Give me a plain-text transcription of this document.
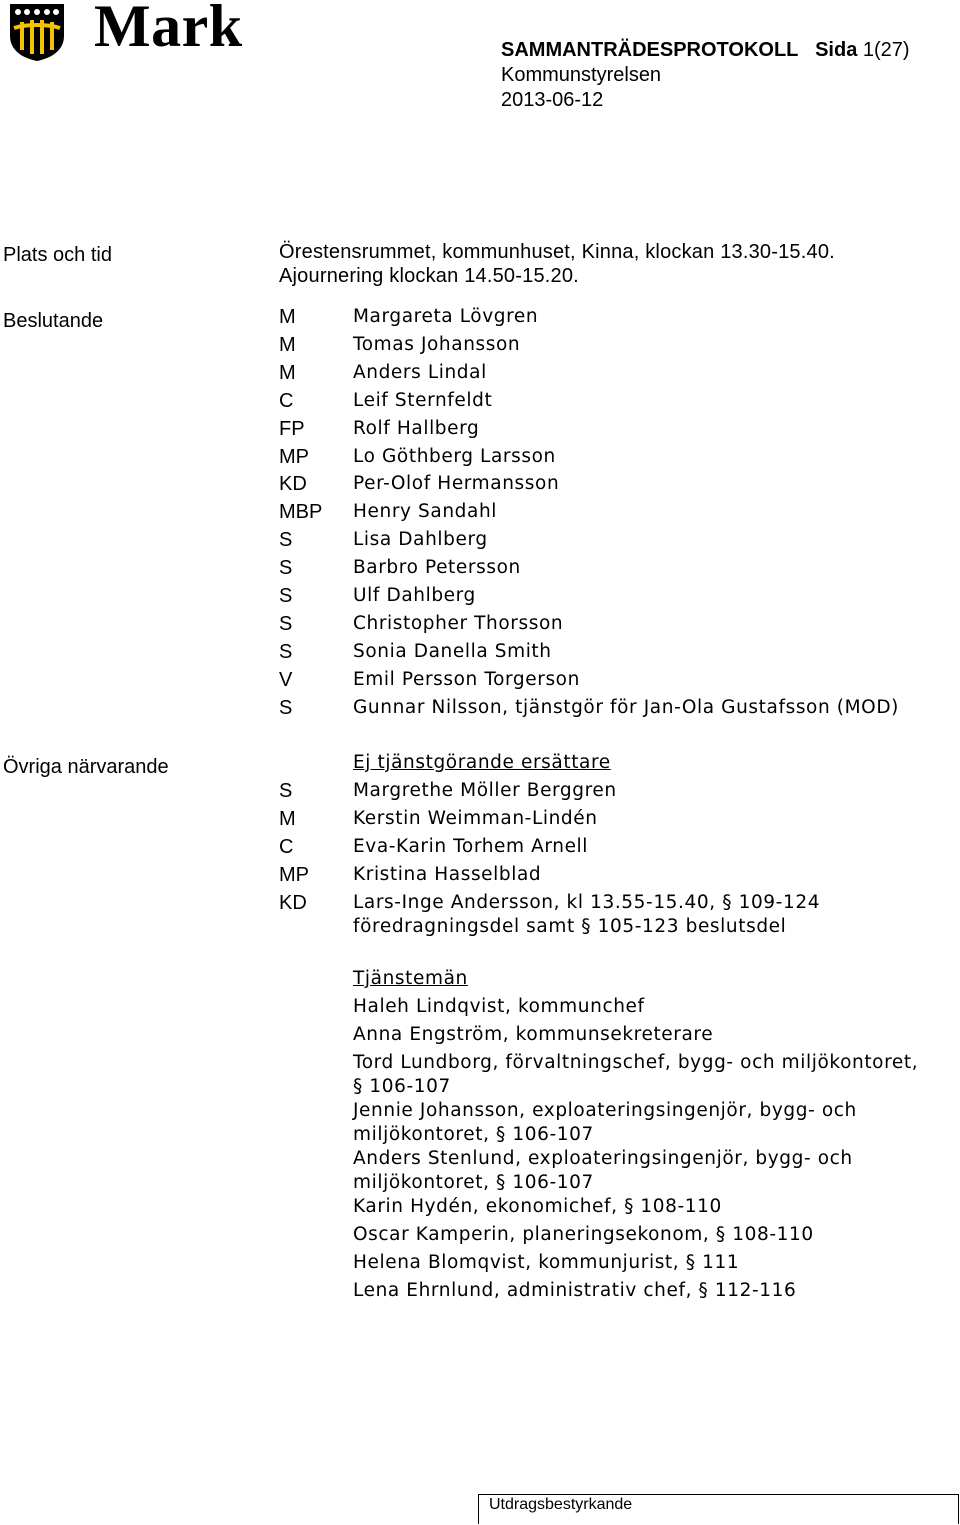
Mark	SAMMANTRÄDESPROTOKOLL Sida 1(27)
Kommunstyrelsen
2013-06-12
Plats och tid	Örestensrummet, kommunhuset, Kinna, klockan 13.30-15.40.
Ajournering klockan 14.50-15.20.
Beslutande	M	Margareta Lövgren
M	Tomas Johansson
M	Anders Lindal
C	Leif Sternfeldt
FP	Rolf Hallberg
MP Lo Göthberg Larsson
KD Per-Olof Hermansson
MBP Henry Sandahl
S	Lisa Dahlberg
S	Barbro Petersson
S	Ulf Dahlberg
S	Christopher Thorsson
S	Sonia Danella Smith
V	Emil Persson Torgerson
S	Gunnar Nilsson, tjänstgör för Jan-Ola Gustafsson (MOD)
Övriga närvarande	Ej tjänstgörande ersättare
S	Margrethe Möller Berggren
M	Kerstin Weimman-Lindén
C	Eva-Karin Torhem Arnell
MP Kristina Hasselblad
KD Lars-Inge Andersson, kl 13.55-15.40, § 109-124
föredragningsdel samt § 105-123 beslutsdel
Tjänstemän
Haleh Lindqvist, kommunchef
Anna Engström, kommunsekreterare
Tord Lundborg, förvaltningschef, bygg- och miljökontoret,
§ 106-107
Jennie Johansson, exploateringsingenjör, bygg- och
miljökontoret, § 106-107
Anders Stenlund, exploateringsingenjör, bygg- och
miljökontoret, § 106-107
Karin Hydén, ekonomichef, § 108-110
Oscar Kamperin, planeringsekonom, § 108-110
Helena Blomqvist, kommunjurist, § 111
Lena Ehrnlund, administrativ chef, § 112-116
Utdragsbestyrkande
